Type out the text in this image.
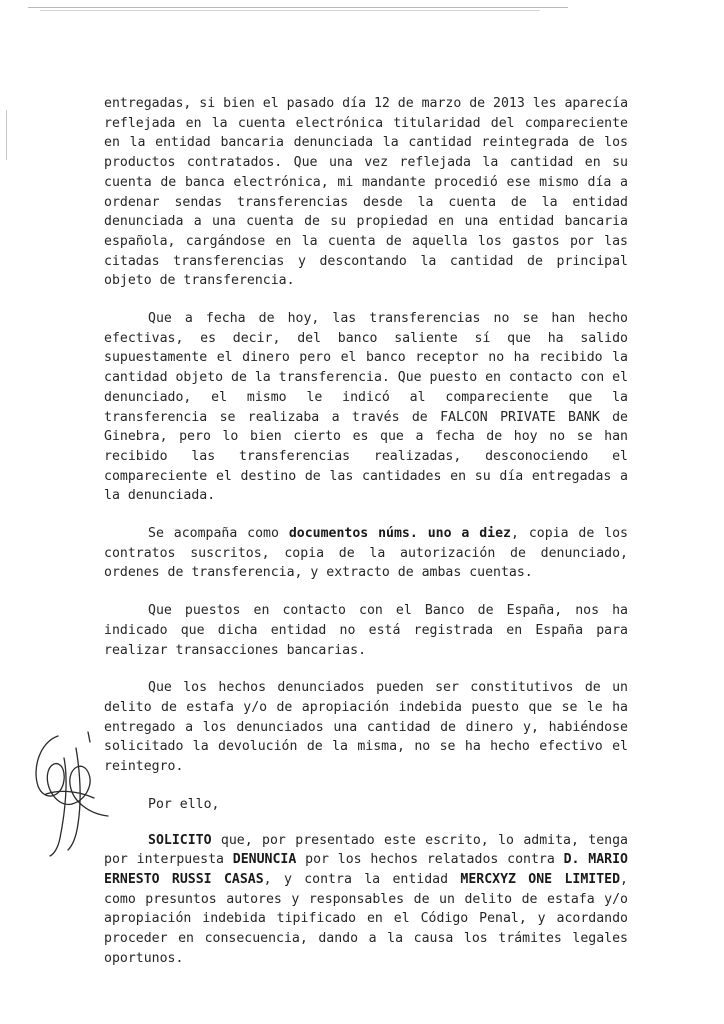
entregadas, si bien el pasado día 12 de marzo de 2013 les aparecía reflejada en la cuenta electrónica titularidad del compareciente en la entidad bancaria denunciada la cantidad reintegrada de los productos contratados. Que una vez reflejada la cantidad en su cuenta de banca electrónica, mi mandante procedió ese mismo día a ordenar sendas transferencias desde la cuenta de la entidad denunciada a una cuenta de su propiedad en una entidad bancaria española, cargándose en la cuenta de aquella los gastos por las citadas transferencias y descontando la cantidad de principal objeto de transferencia.

Que a fecha de hoy, las transferencias no se han hecho efectivas, es decir, del banco saliente sí que ha salido supuestamente el dinero pero el banco receptor no ha recibido la cantidad objeto de la transferencia. Que puesto en contacto con el denunciado, el mismo le indicó al compareciente que la transferencia se realizaba a través de FALCON PRIVATE BANK de Ginebra, pero lo bien cierto es que a fecha de hoy no se han recibido las transferencias realizadas, desconociendo el compareciente el destino de las cantidades en su día entregadas a la denunciada.

Se acompaña como documentos núms. uno a diez, copia de los contratos suscritos, copia de la autorización de denunciado, ordenes de transferencia, y extracto de ambas cuentas.

Que puestos en contacto con el Banco de España, nos ha indicado que dicha entidad no está registrada en España para realizar transacciones bancarias.

Que los hechos denunciados pueden ser constitutivos de un delito de estafa y/o de apropiación indebida puesto que se le ha entregado a los denunciados una cantidad de dinero y, habiéndose solicitado la devolución de la misma, no se ha hecho efectivo el reintegro.

Por ello,

SOLICITO que, por presentado este escrito, lo admita, tenga por interpuesta DENUNCIA por los hechos relatados contra D. MARIO ERNESTO RUSSI CASAS, y contra la entidad MERCXYZ ONE LIMITED, como presuntos autores y responsables de un delito de estafa y/o apropiación indebida tipificado en el Código Penal, y acordando proceder en consecuencia, dando a la causa los trámites legales oportunos.
